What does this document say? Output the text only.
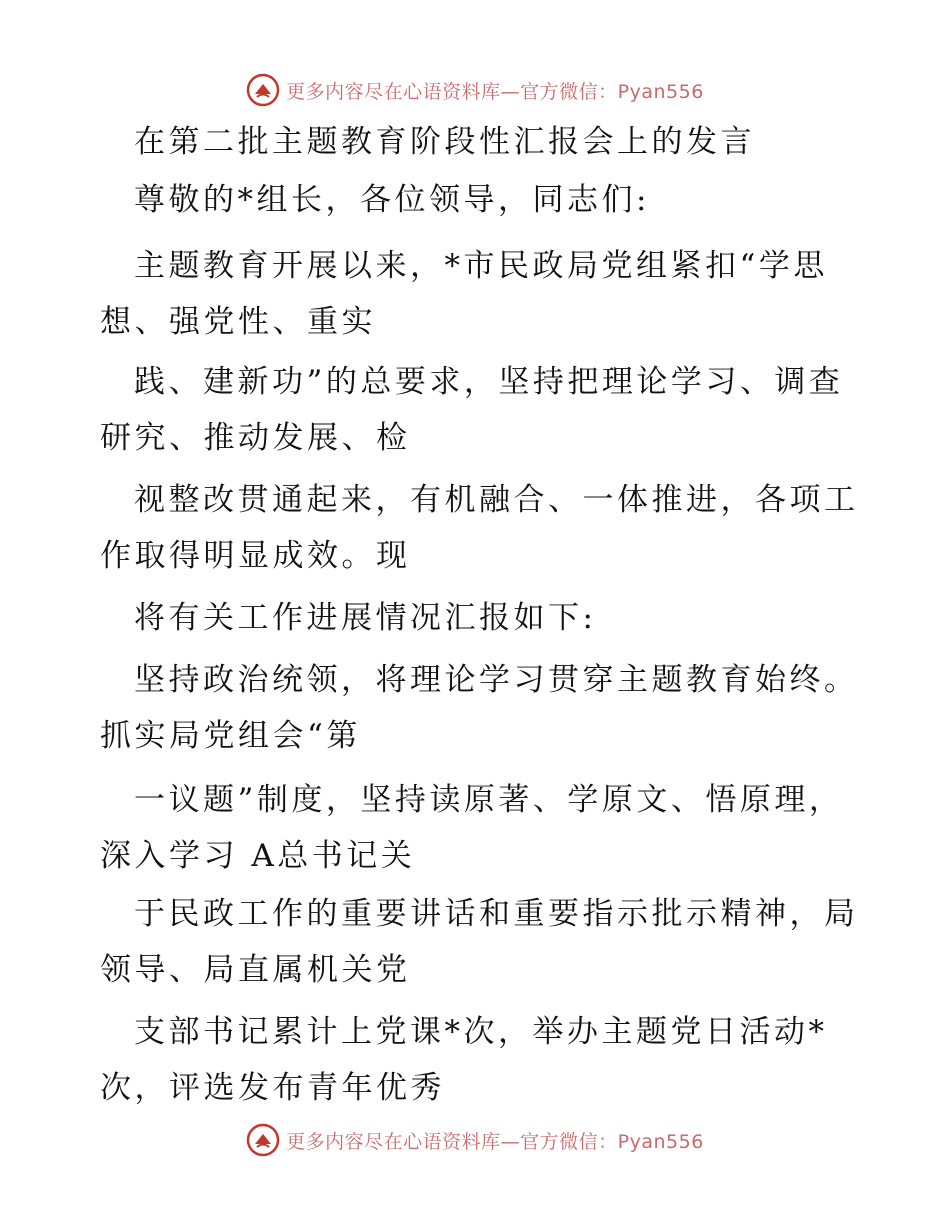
更多内容尽在心语资料库—官方微信：Pyan556
在第二批主题教育阶段性汇报会上的发言
尊敬的*组长，各位领导，同志们:
主题教育开展以来，*市民政局党组紧扣“学思
想、强党性、重实
践、建新功”的总要求，坚持把理论学习、调查
研究、推动发展、检
视整改贯通起来，有机融合、一体推进，各项工
作取得明显成效。现
将有关工作进展情况汇报如下:
坚持政治统领，将理论学习贯穿主题教育始终。
抓实局党组会“第
一议题”制度，坚持读原著、学原文、悟原理，
深入学习 A总书记关
于民政工作的重要讲话和重要指示批示精神，局
领导、局直属机关党
支部书记累计上党课*次，举办主题党日活动*
次，评选发布青年优秀
更多内容尽在心语资料库—官方微信：Pyan556
